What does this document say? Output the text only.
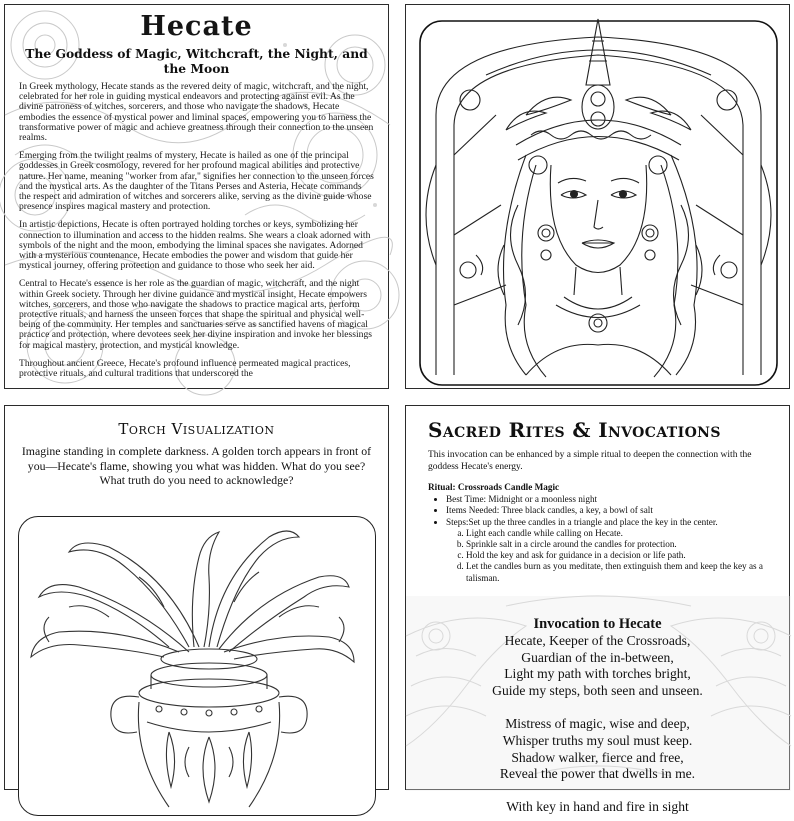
Hecate
The Goddess of Magic, Witchcraft, the Night, and the Moon

In Greek mythology, Hecate stands as the revered deity of magic, witchcraft, and the night, celebrated for her role in guiding mystical endeavors and protecting against evil. As the divine patroness of witches, sorcerers, and those who navigate the shadows, Hecate embodies the essence of mystical power and liminal spaces, empowering you to harness the transformative power of magic and achieve greatness through their connection to the unseen realms.

Emerging from the twilight realms of mystery, Hecate is hailed as one of the principal goddesses in Greek cosmology, revered for her profound magical abilities and protective nature. Her name, meaning "worker from afar," signifies her connection to the unseen forces and the mystical arts. As the daughter of the Titans Perses and Asteria, Hecate commands the respect and admiration of witches and sorcerers alike, serving as the divine guide whose presence inspires magical mastery and protection.

In artistic depictions, Hecate is often portrayed holding torches or keys, symbolizing her connection to illumination and access to the hidden realms. She wears a cloak adorned with symbols of the night and the moon, embodying the liminal spaces she navigates. Adorned with a mysterious countenance, Hecate embodies the power and wisdom that guide her mystical journey, offering protection and guidance to those who seek her aid.

Central to Hecate's essence is her role as the guardian of magic, witchcraft, and the night within Greek society. Through her divine guidance and mystical insight, Hecate empowers witches, sorcerers, and those who navigate the shadows to practice magical arts, perform protective rituals, and harness the unseen forces that shape the spiritual and physical well-being of the community. Her temples and sanctuaries serve as sanctified havens of magical practice and protection, where devotees seek her divine inspiration and invoke her blessings for magical mastery, protection, and mystical knowledge.

Throughout ancient Greece, Hecate's profound influence permeated magical practices, protective rituals, and cultural traditions that underscored the

Torch Visualization
Imagine standing in complete darkness. A golden torch appears in front of you—Hecate's flame, showing you what was hidden. What do you see? What truth do you need to acknowledge?
Sacred Rites & Invocations
This invocation can be enhanced by a simple ritual to deepen the connection with the goddess Hecate's energy.
Ritual: Crossroads Candle Magic
• Best Time: Midnight or a moonless night
• Items Needed: Three black candles, a key, a bowl of salt
• Steps:Set up the three candles in a triangle and place the key in the center.
a. Light each candle while calling on Hecate.
b. Sprinkle salt in a circle around the candles for protection.
c. Hold the key and ask for guidance in a decision or life path.
d. Let the candles burn as you meditate, then extinguish them and keep the key as a talisman.
Invocation to Hecate
Hecate, Keeper of the Crossroads,
Guardian of the in-between,
Light my path with torches bright,
Guide my steps, both seen and unseen.
Mistress of magic, wise and deep,
Whisper truths my soul must keep.
Shadow walker, fierce and free,
Reveal the power that dwells in me.
With key in hand and fire in sight
